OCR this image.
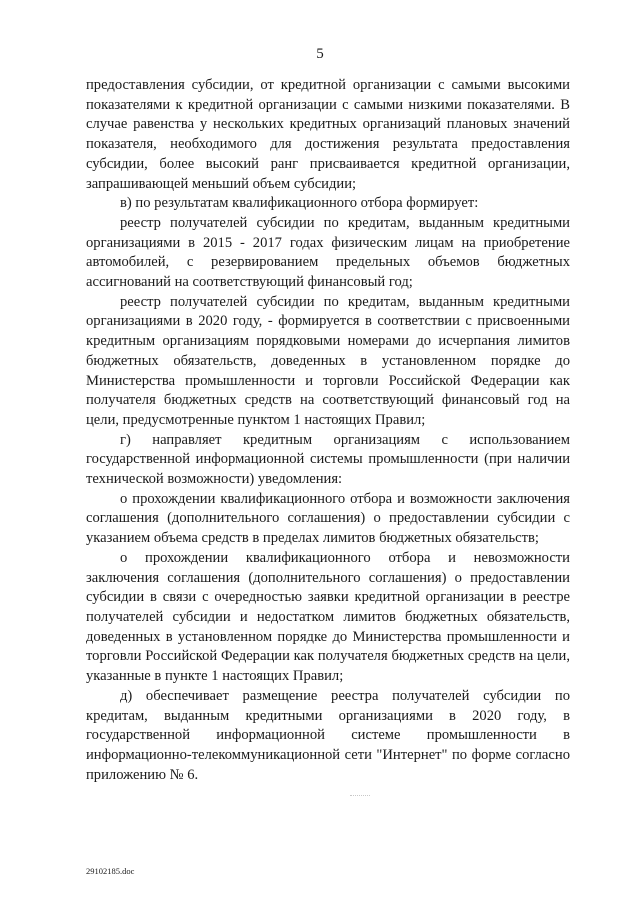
5

предоставления субсидии, от кредитной организации с самыми высокими показателями к кредитной организации с самыми низкими показателями. В случае равенства у нескольких кредитных организаций плановых значений показателя, необходимого для достижения результата предоставления субсидии, более высокий ранг присваивается кредитной организации, запрашивающей меньший объем субсидии;

в) по результатам квалификационного отбора формирует:

реестр получателей субсидии по кредитам, выданным кредитными организациями в 2015 - 2017 годах физическим лицам на приобретение автомобилей, с резервированием предельных объемов бюджетных ассигнований на соответствующий финансовый год;

реестр получателей субсидии по кредитам, выданным кредитными организациями в 2020 году, - формируется в соответствии с присвоенными кредитным организациям порядковыми номерами до исчерпания лимитов бюджетных обязательств, доведенных в установленном порядке до Министерства промышленности и торговли Российской Федерации как получателя бюджетных средств на соответствующий финансовый год на цели, предусмотренные пунктом 1 настоящих Правил;

г) направляет кредитным организациям с использованием государственной информационной системы промышленности (при наличии технической возможности) уведомления:

о прохождении квалификационного отбора и возможности заключения соглашения (дополнительного соглашения) о предоставлении субсидии с указанием объема средств в пределах лимитов бюджетных обязательств;

о прохождении квалификационного отбора и невозможности заключения соглашения (дополнительного соглашения) о предоставлении субсидии в связи с очередностью заявки кредитной организации в реестре получателей субсидии и недостатком лимитов бюджетных обязательств, доведенных в установленном порядке до Министерства промышленности и торговли Российской Федерации как получателя бюджетных средств на цели, указанные в пункте 1 настоящих Правил;

д) обеспечивает размещение реестра получателей субсидии по кредитам, выданным кредитными организациями в 2020 году, в государственной информационной системе промышленности в информационно-телекоммуникационной сети "Интернет" по форме согласно приложению № 6.

29102185.doc
